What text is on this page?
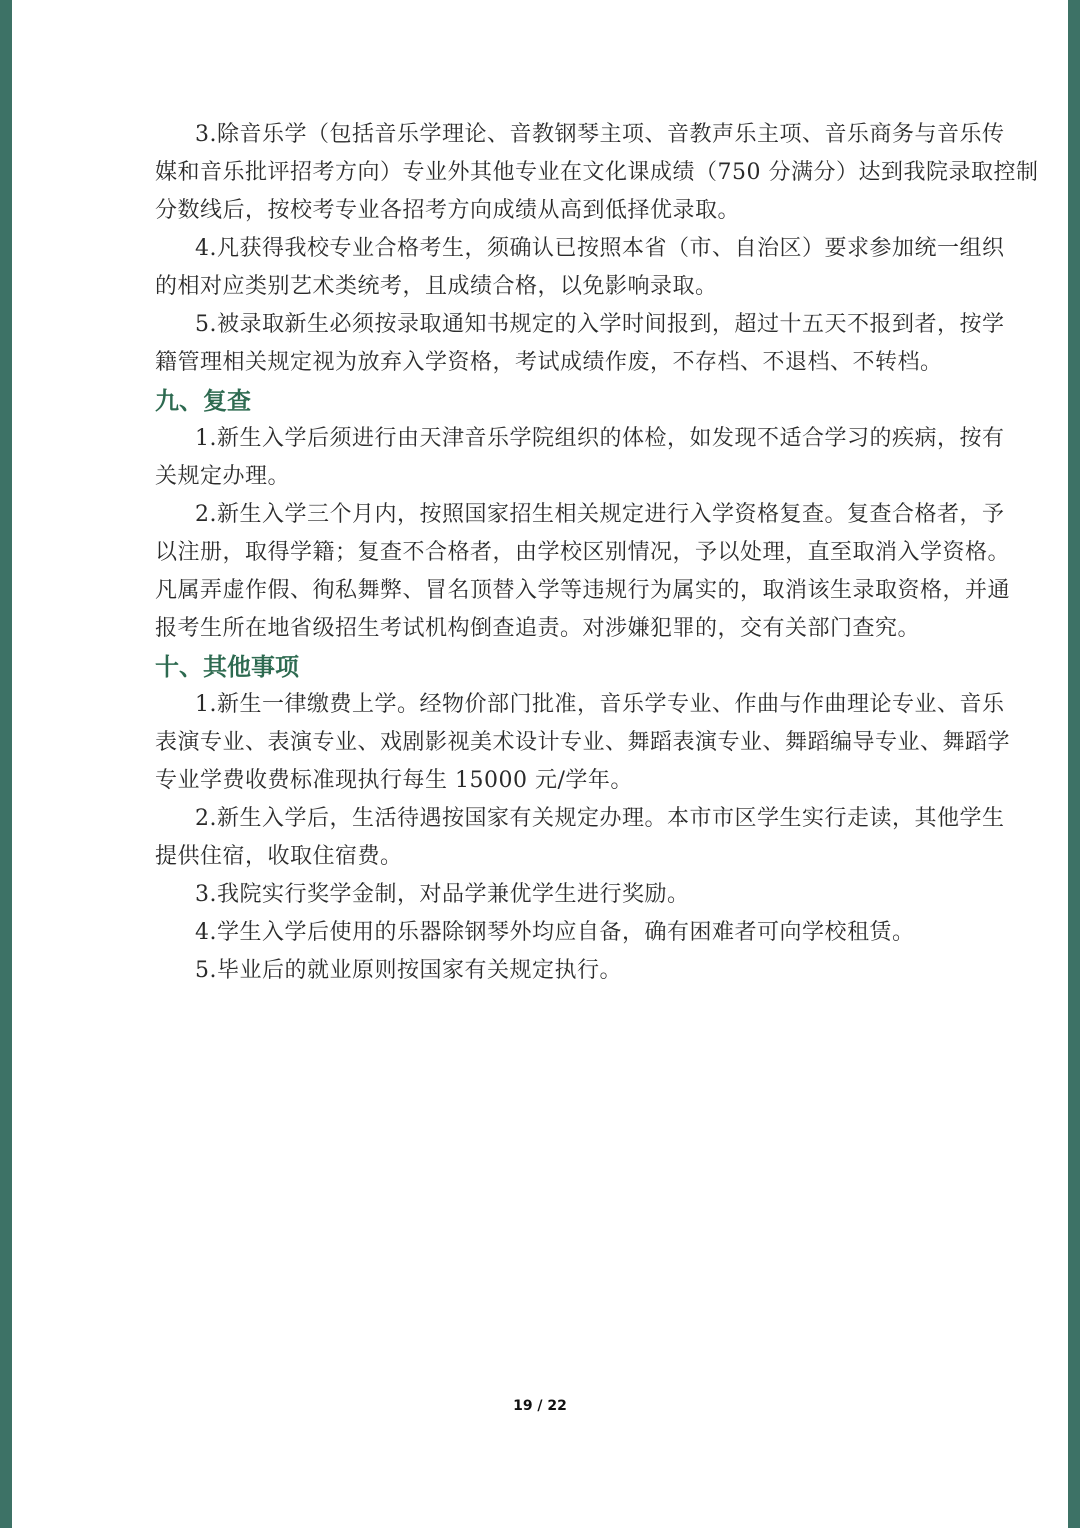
3.除音乐学（包括音乐学理论、音教钢琴主项、音教声乐主项、音乐商务与音乐传
媒和音乐批评招考方向）专业外其他专业在文化课成绩（750 分满分）达到我院录取控制
分数线后，按校考专业各招考方向成绩从高到低择优录取。
4.凡获得我校专业合格考生，须确认已按照本省（市、自治区）要求参加统一组织
的相对应类别艺术类统考，且成绩合格，以免影响录取。
5.被录取新生必须按录取通知书规定的入学时间报到，超过十五天不报到者，按学
籍管理相关规定视为放弃入学资格，考试成绩作废，不存档、不退档、不转档。
九、复查
1.新生入学后须进行由天津音乐学院组织的体检，如发现不适合学习的疾病，按有
关规定办理。
2.新生入学三个月内，按照国家招生相关规定进行入学资格复查。复查合格者，予
以注册，取得学籍；复查不合格者，由学校区别情况，予以处理，直至取消入学资格。
凡属弄虚作假、徇私舞弊、冒名顶替入学等违规行为属实的，取消该生录取资格，并通
报考生所在地省级招生考试机构倒查追责。对涉嫌犯罪的，交有关部门查究。
十、其他事项
1.新生一律缴费上学。经物价部门批准，音乐学专业、作曲与作曲理论专业、音乐
表演专业、表演专业、戏剧影视美术设计专业、舞蹈表演专业、舞蹈编导专业、舞蹈学
专业学费收费标准现执行每生 15000 元/学年。
2.新生入学后，生活待遇按国家有关规定办理。本市市区学生实行走读，其他学生
提供住宿，收取住宿费。
3.我院实行奖学金制，对品学兼优学生进行奖励。
4.学生入学后使用的乐器除钢琴外均应自备，确有困难者可向学校租赁。
5.毕业后的就业原则按国家有关规定执行。
19 / 22
